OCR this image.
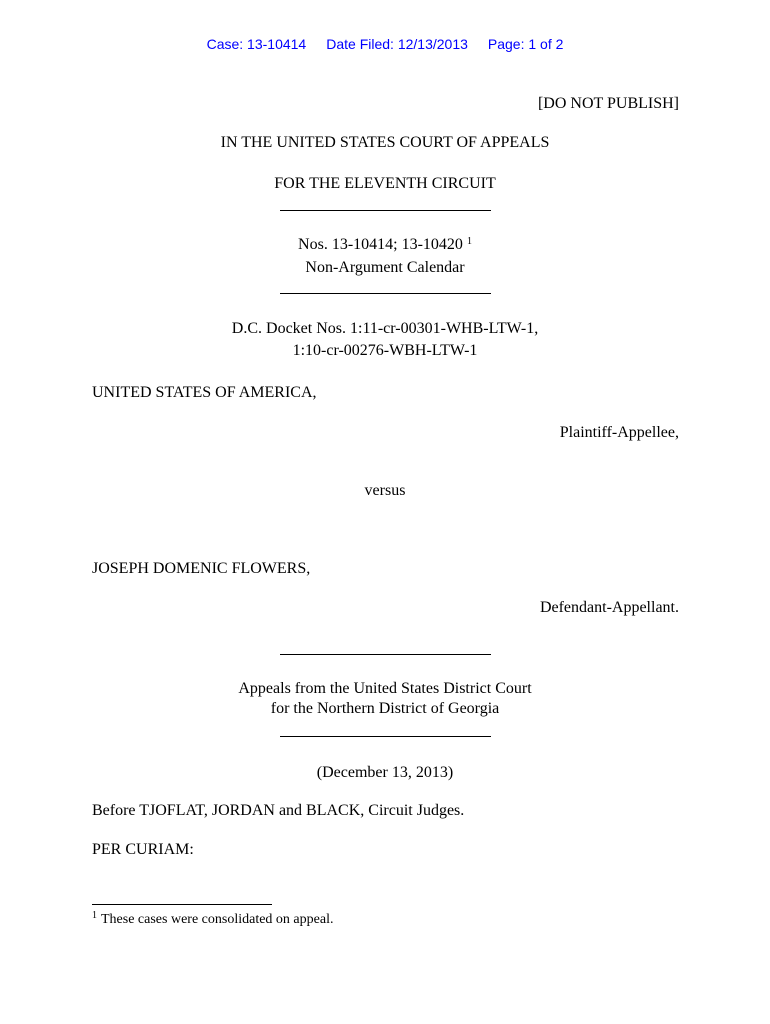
Case: 13-10414 Date Filed: 12/13/2013 Page: 1 of 2
[DO NOT PUBLISH]
IN THE UNITED STATES COURT OF APPEALS
FOR THE ELEVENTH CIRCUIT
Nos. 13-10414; 13-10420 $^1$
Non-Argument Calendar
D.C. Docket Nos. 1:11-cr-00301-WHB-LTW-1,
1:10-cr-00276-WBH-LTW-1
UNITED STATES OF AMERICA,
Plaintiff-Appellee,
versus
JOSEPH DOMENIC FLOWERS,
Defendant-Appellant.
Appeals from the United States District Court
for the Northern District of Georgia
(December 13, 2013)
Before TJOFLAT, JORDAN and BLACK, Circuit Judges.
PER CURIAM:
$^1$ These cases were consolidated on appeal.
